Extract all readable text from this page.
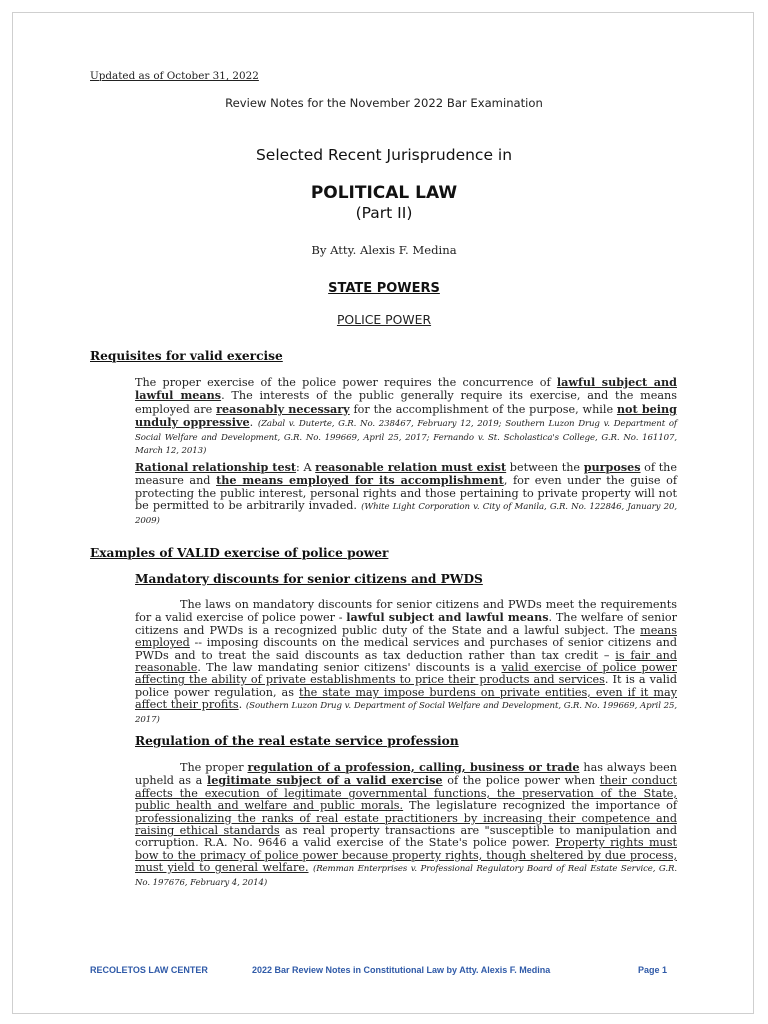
Updated as of October 31, 2022
Review Notes for the November 2022 Bar Examination
Selected Recent Jurisprudence in
POLITICAL LAW
(Part II)
By Atty. Alexis F. Medina
STATE POWERS
POLICE POWER
Requisites for valid exercise
The proper exercise of the police power requires the concurrence of lawful subject and lawful means. The interests of the public generally require its exercise, and the means employed are reasonably necessary for the accomplishment of the purpose, while not being unduly oppressive. (Zabal v. Duterte, G.R. No. 238467, February 12, 2019; Southern Luzon Drug v. Department of Social Welfare and Development, G.R. No. 199669, April 25, 2017; Fernando v. St. Scholastica's College, G.R. No. 161107, March 12, 2013)
Rational relationship test: A reasonable relation must exist between the purposes of the measure and the means employed for its accomplishment, for even under the guise of protecting the public interest, personal rights and those pertaining to private property will not be permitted to be arbitrarily invaded. (White Light Corporation v. City of Manila, G.R. No. 122846, January 20, 2009)
Examples of VALID exercise of police power
Mandatory discounts for senior citizens and PWDS
The laws on mandatory discounts for senior citizens and PWDs meet the requirements for a valid exercise of police power - lawful subject and lawful means. The welfare of senior citizens and PWDs is a recognized public duty of the State and a lawful subject. The means employed -- imposing discounts on the medical services and purchases of senior citizens and PWDs and to treat the said discounts as tax deduction rather than tax credit – is fair and reasonable. The law mandating senior citizens' discounts is a valid exercise of police power affecting the ability of private establishments to price their products and services. It is a valid police power regulation, as the state may impose burdens on private entities, even if it may affect their profits. (Southern Luzon Drug v. Department of Social Welfare and Development, G.R. No. 199669, April 25, 2017)
Regulation of the real estate service profession
The proper regulation of a profession, calling, business or trade has always been upheld as a legitimate subject of a valid exercise of the police power when their conduct affects the execution of legitimate governmental functions, the preservation of the State, public health and welfare and public morals. The legislature recognized the importance of professionalizing the ranks of real estate practitioners by increasing their competence and raising ethical standards as real property transactions are "susceptible to manipulation and corruption. R.A. No. 9646 a valid exercise of the State's police power. Property rights must bow to the primacy of police power because property rights, though sheltered by due process, must yield to general welfare. (Remman Enterprises v. Professional Regulatory Board of Real Estate Service, G.R. No. 197676, February 4, 2014)
RECOLETOS LAW CENTER	2022 Bar Review Notes in Constitutional Law by Atty. Alexis F. Medina	Page 1
